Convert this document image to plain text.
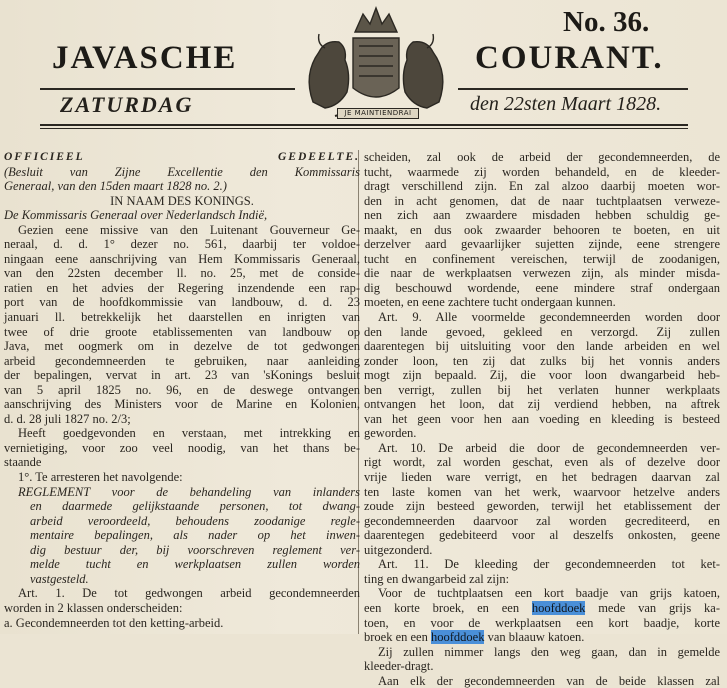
JAVASCHE
JE MAINTIENDRAI
COURANT.
No. 36.
ZATURDAG	den 22sten Maart 1828.
OFFICIEEL GEDEELTE.
(Besluit van Zijne Excellentie den Kommissaris
Generaal, van den 15den maart 1828 no. 2.)
IN NAAM DES KONINGS.
De Kommissaris Generaal over Nederlandsch Indië,
Gezien eene missive van den Luitenant Gouverneur Ge-
neraal, d. d. 1° dezer no. 561, daarbij ter voldoe-
ningaan eene aanschrijving van Hem Kommissaris Generaal,
van den 22sten december ll. no. 25, met de conside-
ratien en het advies der Regering inzendende een rap-
port van de hoofdkommissie van landbouw, d. d. 23
januari ll. betrekkelijk het daarstellen en inrigten van
twee of drie groote etablissementen van landbouw op
Java, met oogmerk om in dezelve de tot gedwongen
arbeid gecondemneerden te gebruiken, naar aanleiding
der bepalingen, vervat in art. 23 van 'sKonings besluit
van 5 april 1825 no. 96, en de deswege ontvangen
aanschrijving des Ministers voor de Marine en Kolonien,
d. d. 28 juli 1827 no. 2/3;
Heeft goedgevonden en verstaan, met intrekking en
vernietiging, voor zoo veel noodig, van het thans be-
staande
1°. Te arresteren het navolgende:
REGLEMENT voor de behandeling van inlanders
en daarmede gelijkstaande personen, tot dwang-
arbeid veroordeeld, behoudens zoodanige regle-
mentaire bepalingen, als nader op het inwen-
dig bestuur der, bij voorschreven reglement ver-
melde tucht en werkplaatsen zullen worden
vastgesteld.
Art. 1. De tot gedwongen arbeid gecondemneerden
worden in 2 klassen onderscheiden:
a. Gecondemneerden tot den ketting-arbeid.
scheiden, zal ook de arbeid der gecondemneerden, de
tucht, waarmede zij worden behandeld, en de kleeder-
dragt verschillend zijn. En zal alzoo daarbij moeten wor-
den in acht genomen, dat de naar tuchtplaatsen verweze-
nen zich aan zwaardere misdaden hebben schuldig ge-
maakt, en dus ook zwaarder behooren te boeten, en uit
derzelver aard gevaarlijker sujetten zijnde, eene strengere
tucht en confinement vereischen, terwijl de zoodanigen,
die naar de werkplaatsen verwezen zijn, als minder misda-
dig beschouwd wordende, eene mindere straf ondergaan
moeten, en eene zachtere tucht ondergaan kunnen.
Art. 9. Alle voormelde gecondemneerden worden door
den lande gevoed, gekleed en verzorgd. Zij zullen
daarentegen bij uitsluiting voor den lande arbeiden en wel
zonder loon, ten zij dat zulks bij het vonnis anders
mogt zijn bepaald. Zij, die voor loon dwangarbeid heb-
ben verrigt, zullen bij het verlaten hunner werkplaats
ontvangen het loon, dat zij verdiend hebben, na aftrek
van het geen voor hen aan voeding en kleeding is besteed
geworden.
Art. 10. De arbeid die door de gecondemneerden ver-
rigt wordt, zal worden geschat, even als of dezelve door
vrije lieden ware verrigt, en het bedragen daarvan zal
ten laste komen van het werk, waarvoor hetzelve anders
zoude zijn besteed geworden, terwijl het etablissement der
gecondemneerden daarvoor zal worden gecrediteerd, en
daarentegen gedebiteerd voor al deszelfs onkosten, geene
uitgezonderd.
Art. 11. De kleeding der gecondemneerden tot ket-
ting en dwangarbeid zal zijn:
Voor de tuchtplaatsen een kort baadje van grijs katoen,
een korte broek, en een hoofddoek mede van grijs ka-
toen, en voor de werkplaatsen een kort baadje, korte
broek en een hoofddoek van blaauw katoen.
Zij zullen nimmer langs den weg gaan, dan in gemelde
kleeder-dragt.
Aan elk der gecondemneerden van de beide klassen zal
